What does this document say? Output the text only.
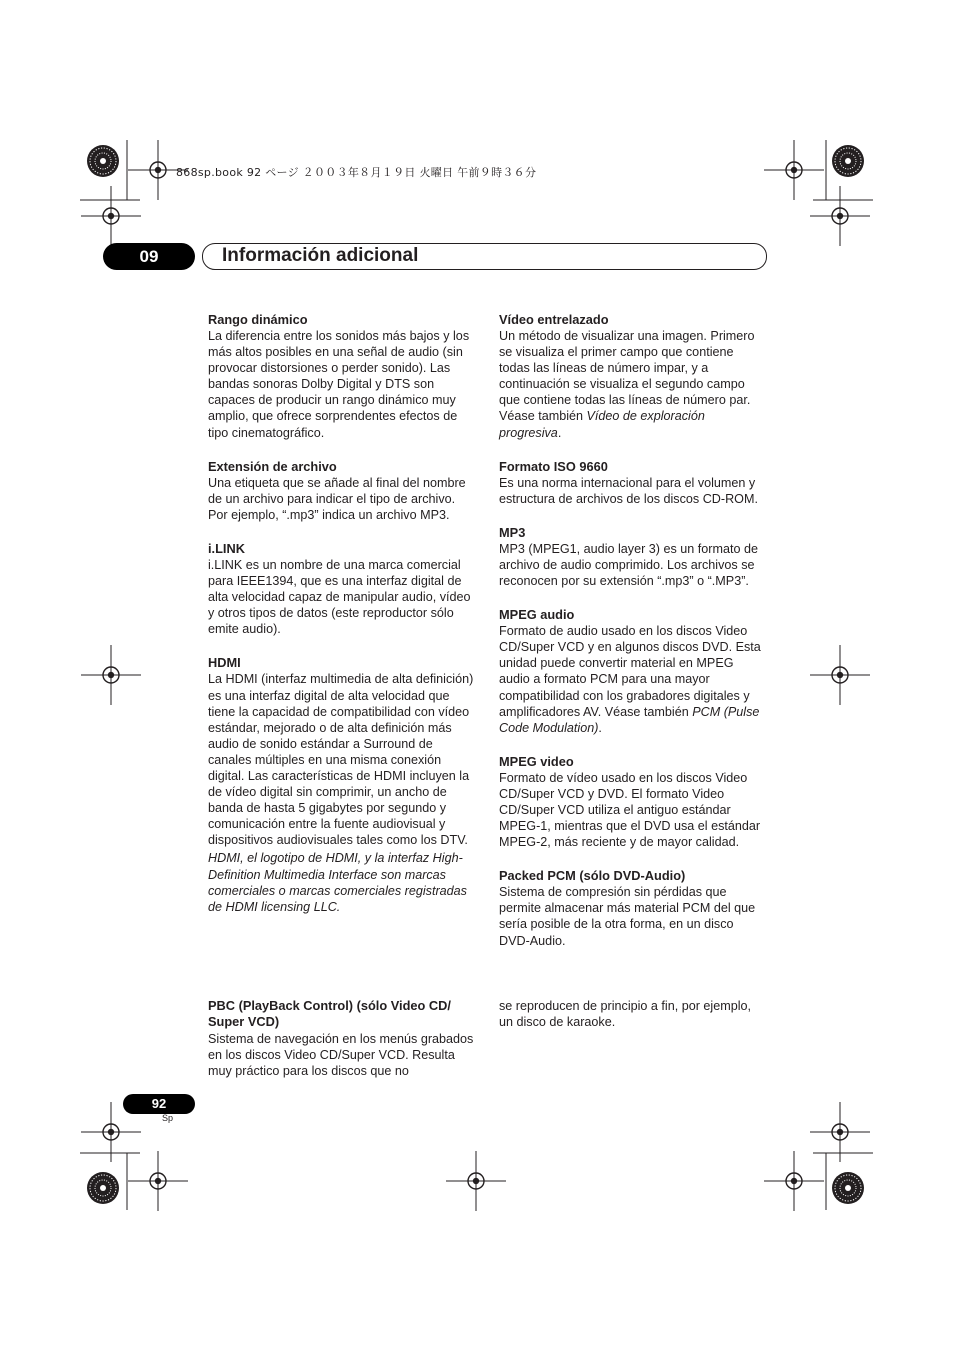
868sp.book 92 ページ ２００３年８月１９日 火曜日 午前９時３６分
09	Información adicional

Rango dinámico

La diferencia entre los sonidos más bajos y los más altos posibles en una señal de audio (sin provocar distorsiones o perder sonido). Las bandas sonoras Dolby Digital y DTS son capaces de producir un rango dinámico muy amplio, que ofrece sorprendentes efectos de tipo cinematográfico.

Extensión de archivo

Una etiqueta que se añade al final del nombre de un archivo para indicar el tipo de archivo. Por ejemplo, “.mp3” indica un archivo MP3.

i.LINK

i.LINK es un nombre de una marca comercial para IEEE1394, que es una interfaz digital de alta velocidad capaz de manipular audio, vídeo y otros tipos de datos (este reproductor sólo emite audio).

HDMI

La HDMI (interfaz multimedia de alta definición) es una interfaz digital de alta velocidad que tiene la capacidad de compatibilidad con vídeo estándar, mejorado o de alta definición más audio de sonido estándar a Surround de canales múltiples en una misma conexión digital. Las características de HDMI incluyen la de vídeo digital sin comprimir, un ancho de banda de hasta 5 gigabytes por segundo y comunicación entre la fuente audiovisual y dispositivos audiovisuales tales como los DTV.

HDMI, el logotipo de HDMI, y la interfaz High-Definition Multimedia Interface son marcas comerciales o marcas comerciales registradas de HDMI licensing LLC.

Vídeo entrelazado

Un método de visualizar una imagen. Primero se visualiza el primer campo que contiene todas las líneas de número impar, y a continuación se visualiza el segundo campo que contiene todas las líneas de número par. Véase también Vídeo de exploración progresiva.

Formato ISO 9660

Es una norma internacional para el volumen y estructura de archivos de los discos CD-ROM.

MP3

MP3 (MPEG1, audio layer 3) es un formato de archivo de audio comprimido. Los archivos se reconocen por su extensión “.mp3” o “.MP3”.

MPEG audio

Formato de audio usado en los discos Video CD/Super VCD y en algunos discos DVD. Esta unidad puede convertir material en MPEG audio a formato PCM para una mayor compatibilidad con los grabadores digitales y amplificadores AV. Véase también PCM (Pulse Code Modulation).

MPEG video

Formato de vídeo usado en los discos Video CD/Super VCD y DVD. El formato Video CD/Super VCD utiliza el antiguo estándar MPEG-1, mientras que el DVD usa el estándar MPEG-2, más reciente y de mayor calidad.

Packed PCM (sólo DVD-Audio)

Sistema de compresión sin pérdidas que permite almacenar más material PCM del que sería posible de la otra forma, en un disco DVD-Audio.

PBC (PlayBack Control) (sólo Video CD/ Super VCD)

Sistema de navegación en los menús grabados en los discos Video CD/Super VCD. Resulta muy práctico para los discos que no

se reproducen de principio a fin, por ejemplo, un disco de karaoke.

92
Sp
